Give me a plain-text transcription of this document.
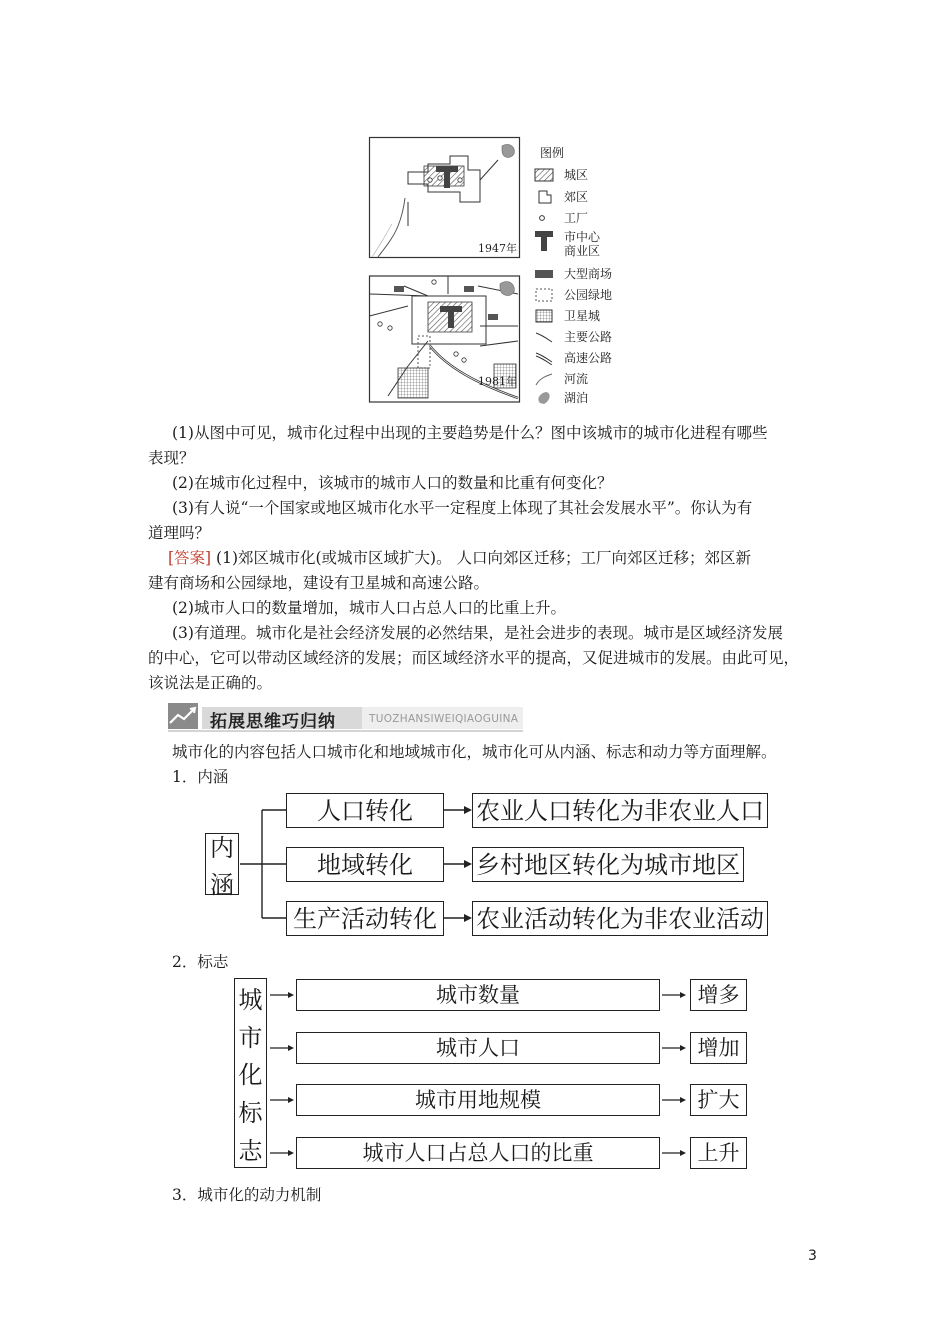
1947年
1981年
图例
城区
郊区
工厂
市中心
商业区
大型商场
公园绿地
卫星城
主要公路
高速公路
河流
湖泊
(1)从图中可见，城市化过程中出现的主要趋势是什么？图中该城市的城市化进程有哪些
表现？
(2)在城市化过程中，该城市的城市人口的数量和比重有何变化？
(3)有人说“一个国家或地区城市化水平一定程度上体现了其社会发展水平”。你认为有
道理吗？
[答案] (1)郊区城市化(或城市区域扩大)。 人口向郊区迁移；工厂向郊区迁移；郊区新
建有商场和公园绿地，建设有卫星城和高速公路。
(2)城市人口的数量增加，城市人口占总人口的比重上升。
(3)有道理。城市化是社会经济发展的必然结果，是社会进步的表现。城市是区域经济发展
的中心，它可以带动区域经济的发展；而区域经济水平的提高，又促进城市的发展。由此可见，
该说法是正确的。
拓展思维巧归纳	TUOZHANSIWEIQIAOGUINA
城市化的内容包括人口城市化和地域城市化，城市化可从内涵、标志和动力等方面理解。
1．内涵
内
涵
人口转化	农业人口转化为非农业人口
地域转化	乡村地区转化为城市地区
生产活动转化 农业活动转化为非农业活动
2．标志
城
市
化
标
志
城市数量	增多
城市人口	增加
城市用地规模	扩大
城市人口占总人口的比重	上升
3．城市化的动力机制
3
